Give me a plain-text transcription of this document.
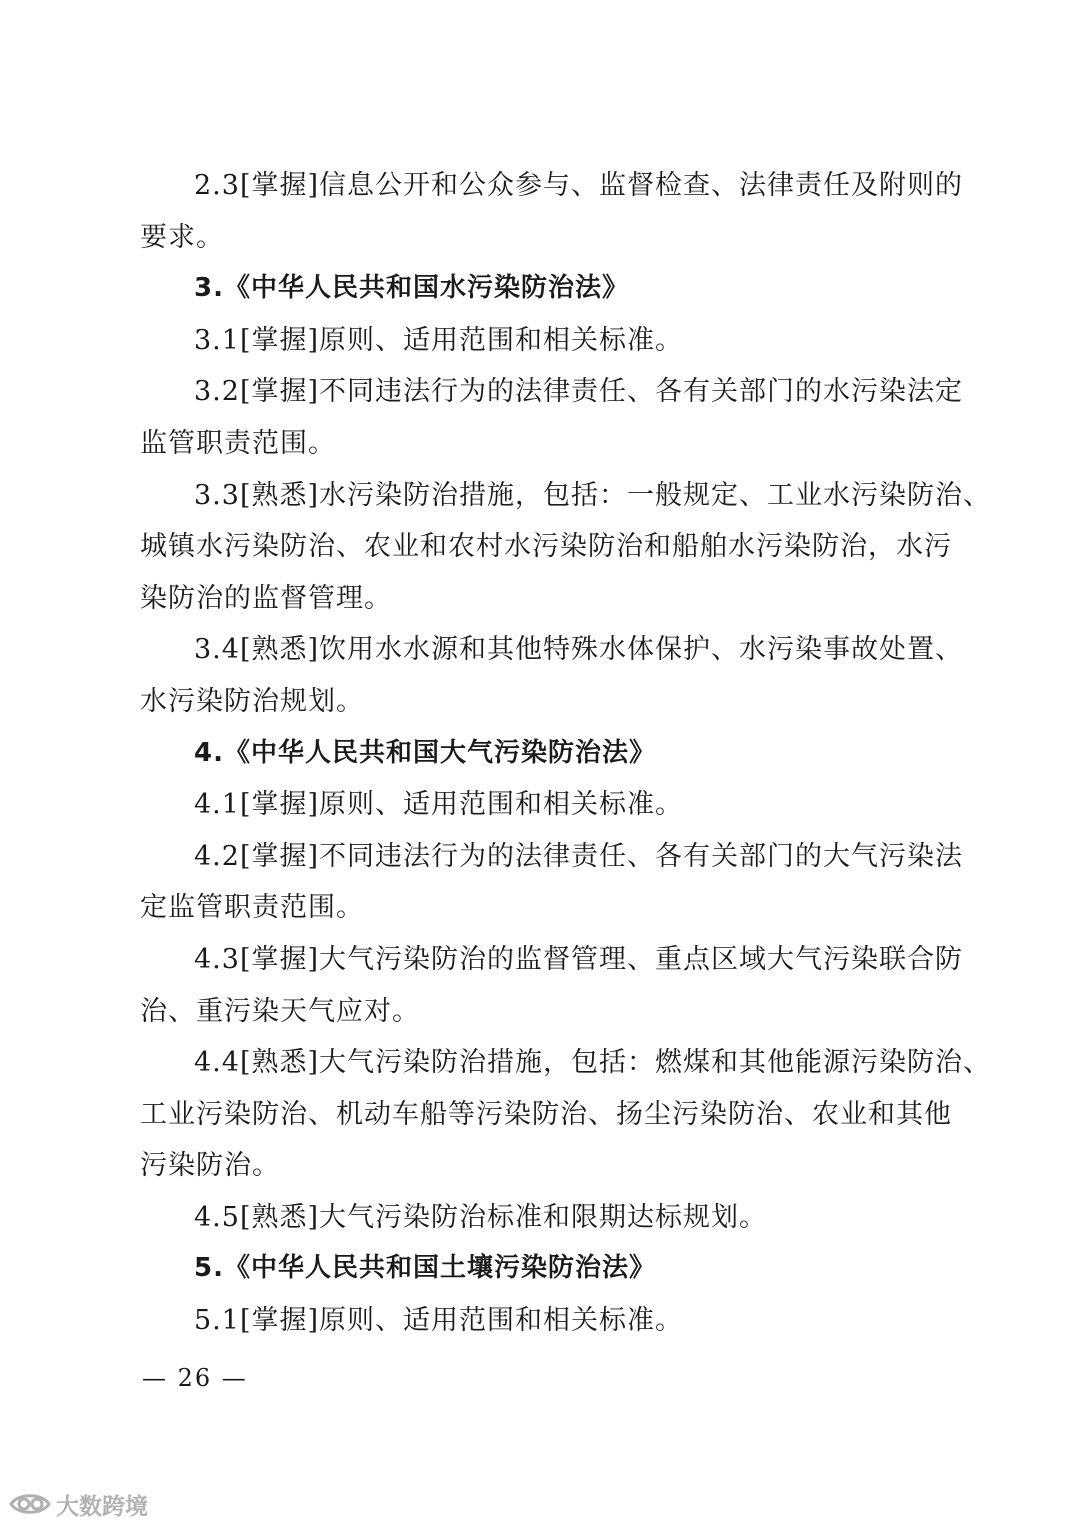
2.3[掌握]信息公开和公众参与、监督检查、法律责任及附则的
要求。
3.《中华人民共和国水污染防治法》
3.1[掌握]原则、适用范围和相关标准。
3.2[掌握]不同违法行为的法律责任、各有关部门的水污染法定
监管职责范围。
3.3[熟悉]水污染防治措施，包括：一般规定、工业水污染防治、
城镇水污染防治、农业和农村水污染防治和船舶水污染防治，水污
染防治的监督管理。
3.4[熟悉]饮用水水源和其他特殊水体保护、水污染事故处置、
水污染防治规划。
4.《中华人民共和国大气污染防治法》
4.1[掌握]原则、适用范围和相关标准。
4.2[掌握]不同违法行为的法律责任、各有关部门的大气污染法
定监管职责范围。
4.3[掌握]大气污染防治的监督管理、重点区域大气污染联合防
治、重污染天气应对。
4.4[熟悉]大气污染防治措施，包括：燃煤和其他能源污染防治、
工业污染防治、机动车船等污染防治、扬尘污染防治、农业和其他
污染防治。
4.5[熟悉]大气污染防治标准和限期达标规划。
5.《中华人民共和国土壤污染防治法》
5.1[掌握]原则、适用范围和相关标准。
— 26 —
大数跨境
